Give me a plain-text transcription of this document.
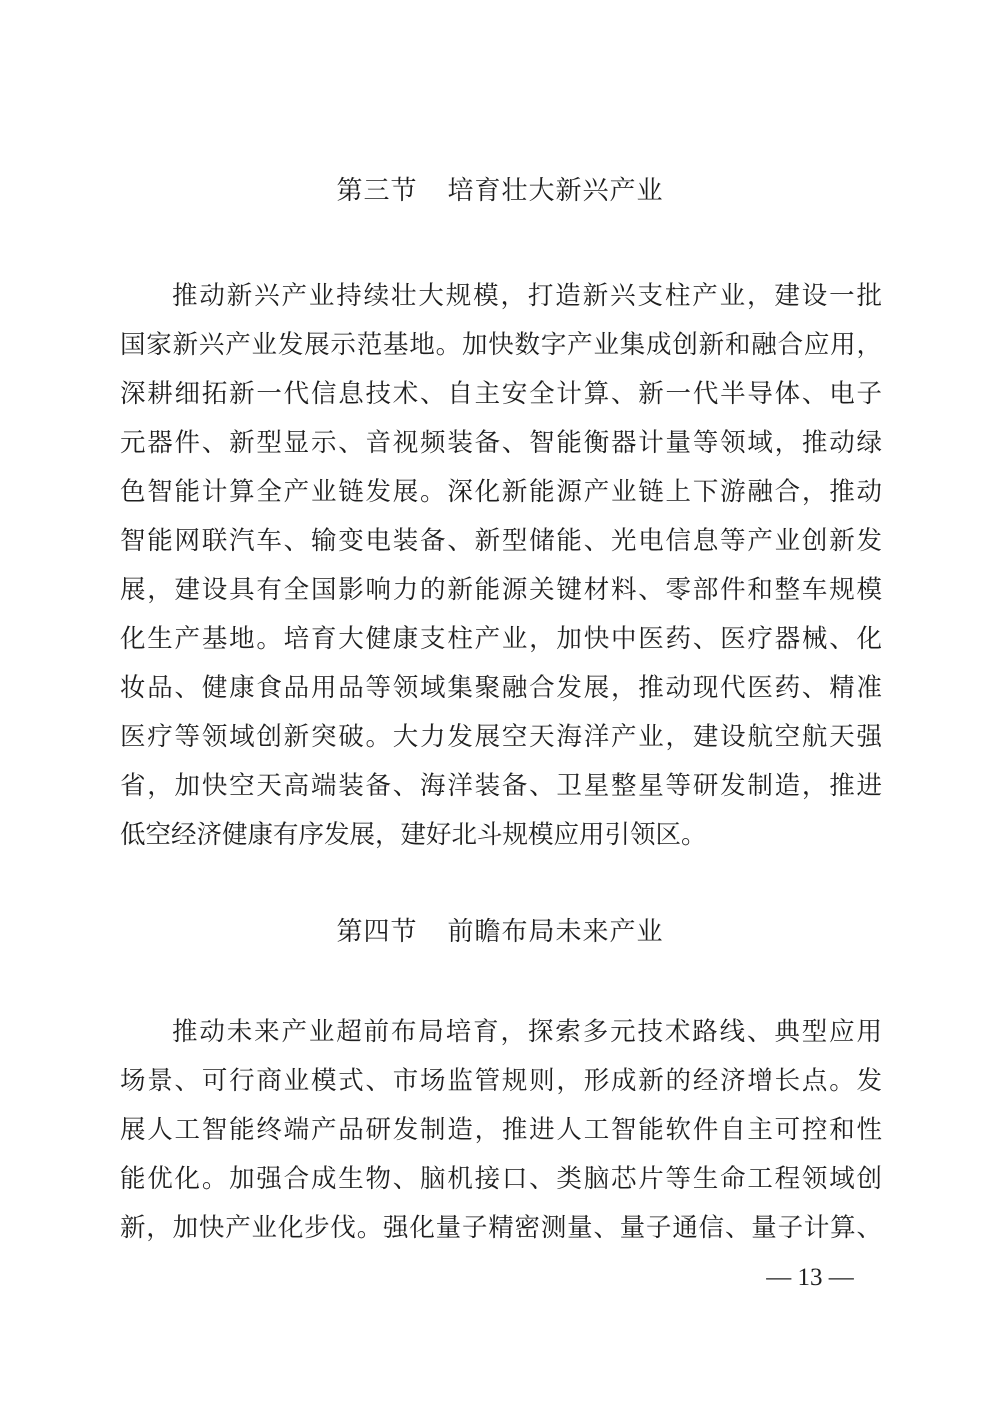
第三节 培育壮大新兴产业
推动新兴产业持续壮大规模，打造新兴支柱产业，建设一批
国家新兴产业发展示范基地。加快数字产业集成创新和融合应用，
深耕细拓新一代信息技术、自主安全计算、新一代半导体、电子
元器件、新型显示、音视频装备、智能衡器计量等领域，推动绿
色智能计算全产业链发展。深化新能源产业链上下游融合，推动
智能网联汽车、输变电装备、新型储能、光电信息等产业创新发
展，建设具有全国影响力的新能源关键材料、零部件和整车规模
化生产基地。培育大健康支柱产业，加快中医药、医疗器械、化
妆品、健康食品用品等领域集聚融合发展，推动现代医药、精准
医疗等领域创新突破。大力发展空天海洋产业，建设航空航天强
省，加快空天高端装备、海洋装备、卫星整星等研发制造，推进
低空经济健康有序发展，建好北斗规模应用引领区。
第四节 前瞻布局未来产业
推动未来产业超前布局培育，探索多元技术路线、典型应用
场景、可行商业模式、市场监管规则，形成新的经济增长点。发
展人工智能终端产品研发制造，推进人工智能软件自主可控和性
能优化。加强合成生物、脑机接口、类脑芯片等生命工程领域创
新，加快产业化步伐。强化量子精密测量、量子通信、量子计算、
— 13 —
